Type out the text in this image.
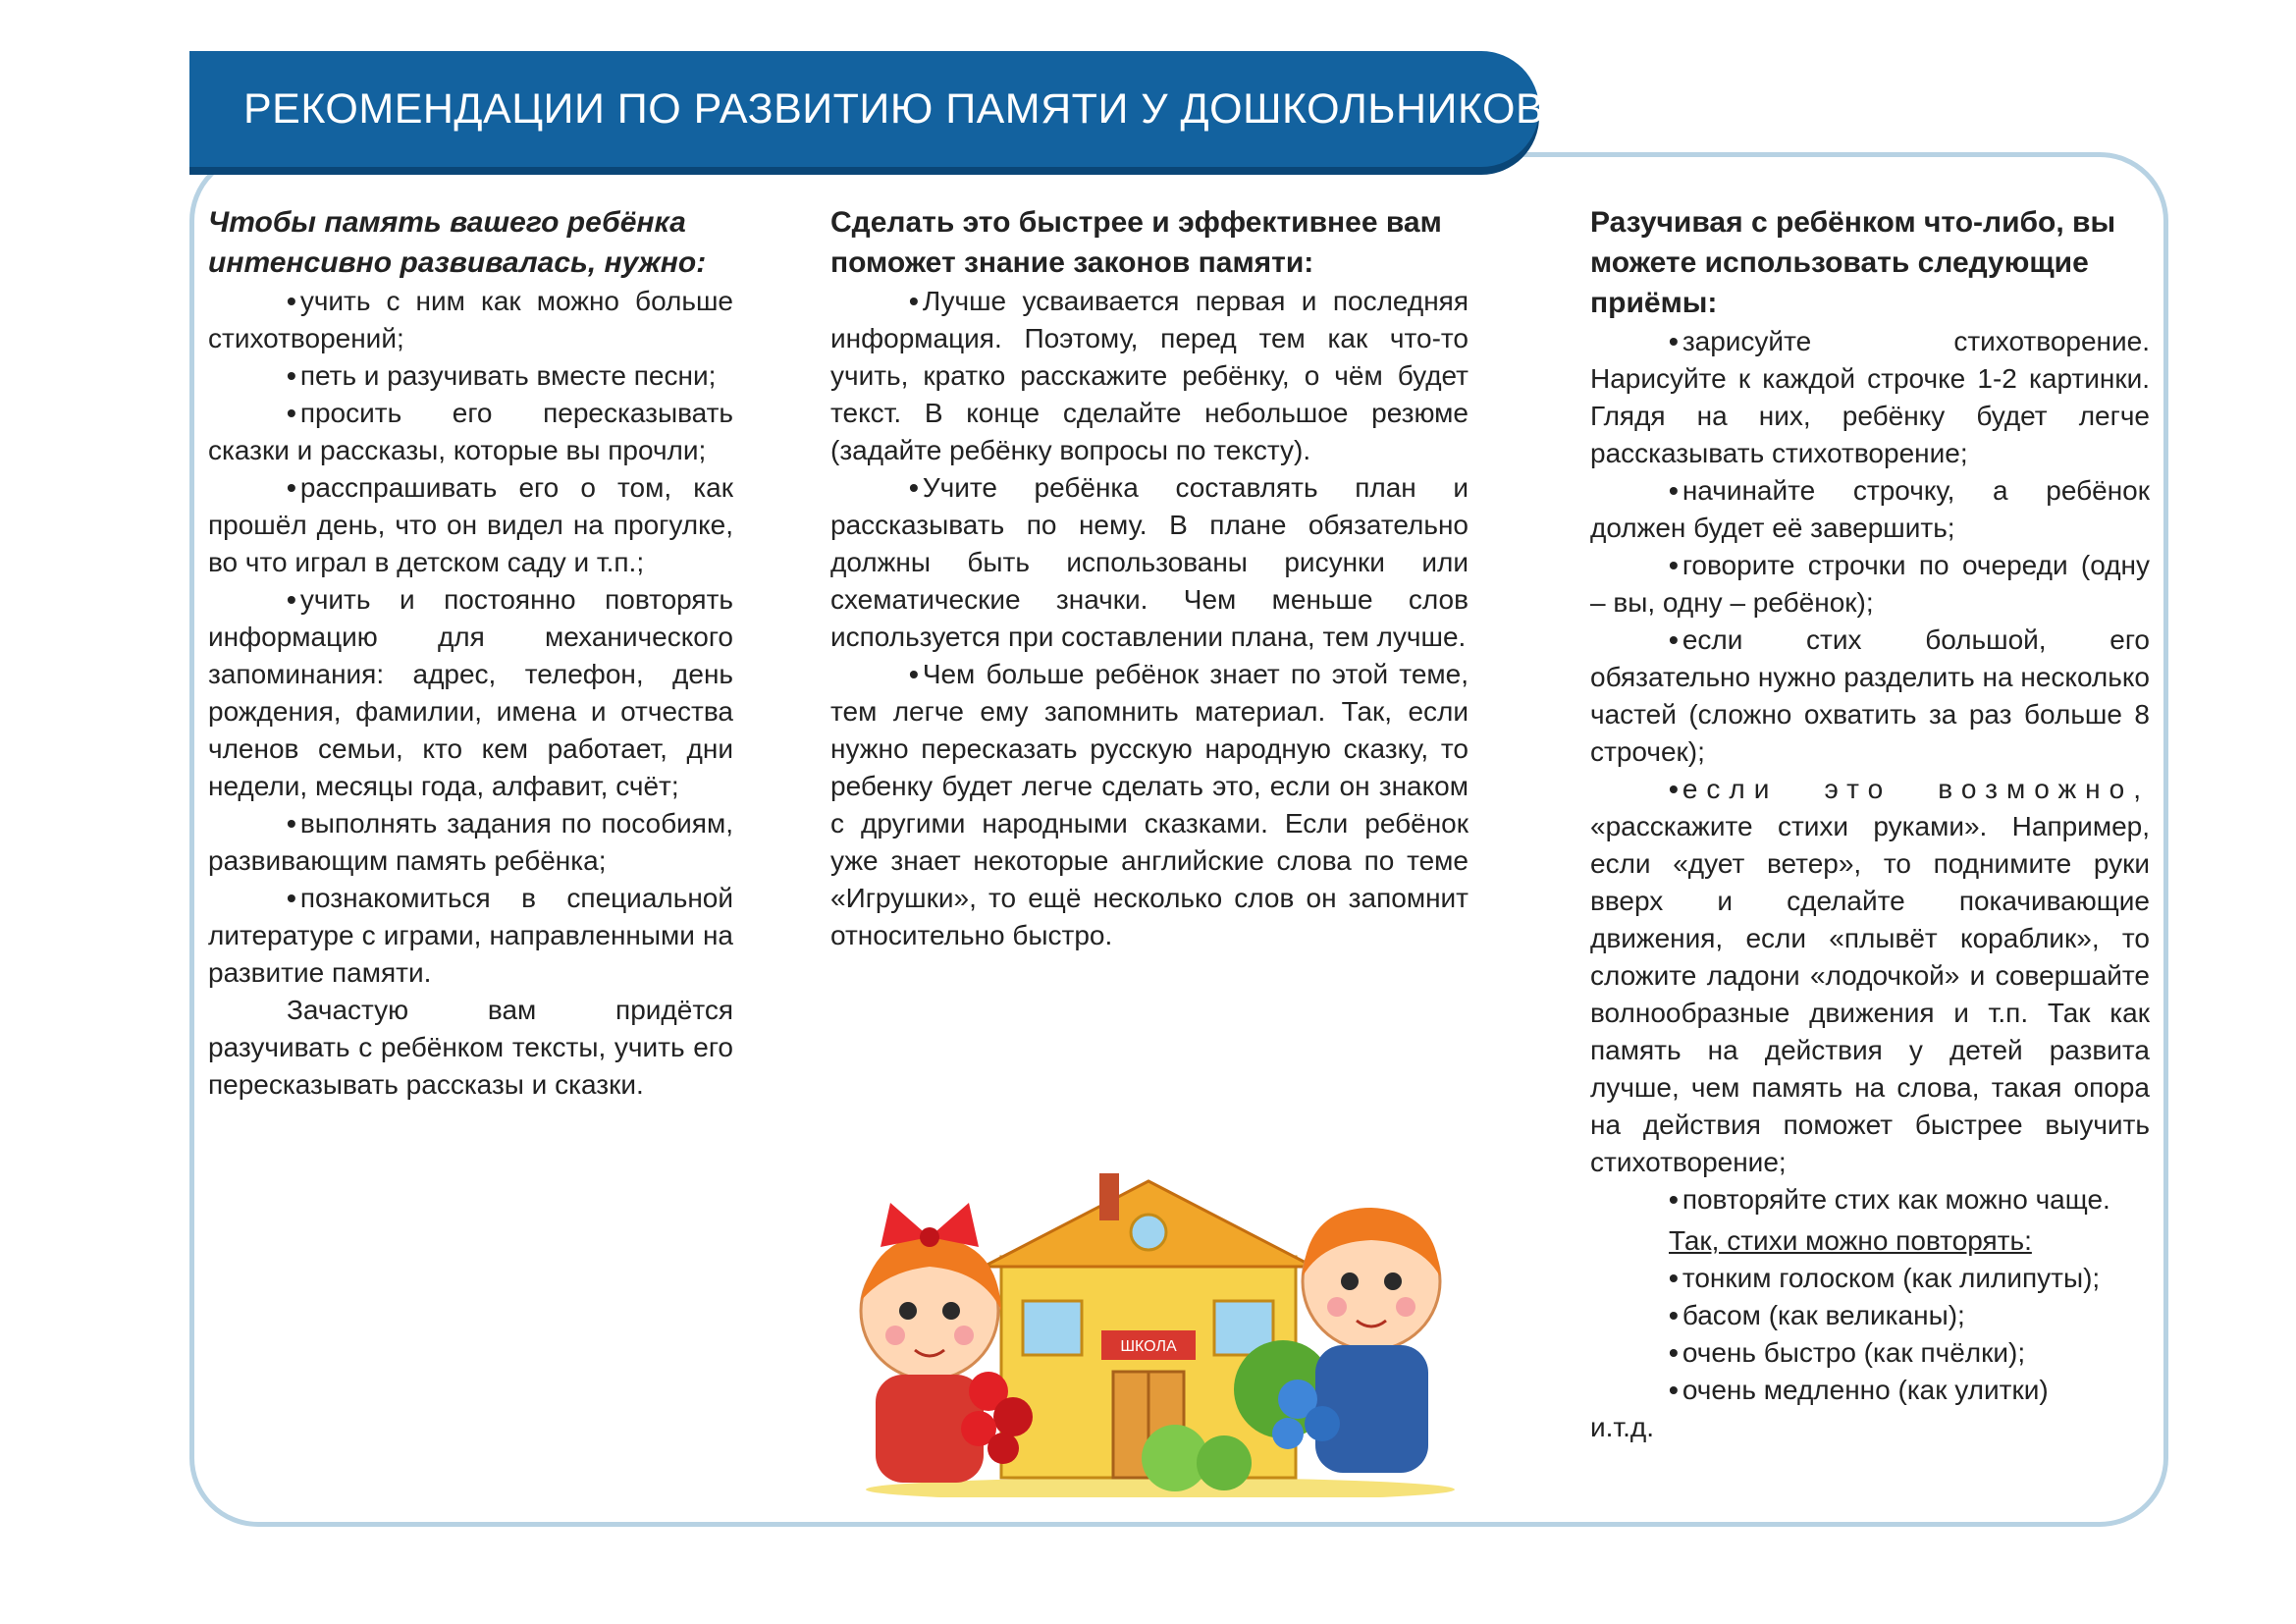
РЕКОМЕНДАЦИИ ПО РАЗВИТИЮ ПАМЯТИ У ДОШКОЛЬНИКОВ

Чтобы память вашего ребёнка интенсивно развивалась, нужно:

• учить с ним как можно больше стихотворений;

• петь и разучивать вместе песни;

• просить его пересказывать сказки и рассказы, которые вы прочли;

• расспрашивать его о том, как прошёл день, что он видел на прогулке, во что играл в детском саду и т.п.;

• учить и постоянно повторять информацию для механического запоминания: адрес, телефон, день рождения, фамилии, имена и отчества членов семьи, кто кем работает, дни недели, месяцы года, алфавит, счёт;

• выполнять задания по пособиям, развивающим память ребёнка;

• познакомиться в специальной литературе с играми, направленными на развитие памяти.

Зачастую вам придётся разучивать с ребёнком тексты, учить его пересказывать рассказы и сказки.

Сделать это быстрее и эффективнее вам поможет знание законов памяти:

• Лучше усваивается первая и последняя информация. Поэтому, перед тем как что-то учить, кратко расскажите ребёнку, о чём будет текст. В конце сделайте небольшое резюме (задайте ребёнку вопросы по тексту).

• Учите ребёнка составлять план и рассказывать по нему. В плане обязательно должны быть использованы рисунки или схематические значки. Чем меньше слов используется при составлении плана, тем лучше.

• Чем больше ребёнок знает по этой теме, тем легче ему запомнить материал. Так, если нужно пересказать русскую народную сказку, то ребенку будет легче сделать это, если он знаком с другими народными сказками. Если ребёнок уже знает некоторые английские слова по теме «Игрушки», то ещё несколько слов он запомнит относительно быстро.

ШКОЛА

Разучивая с ребёнком что-либо, вы можете использовать следующие приёмы:

• зарисуйте стихотворение. Нарисуйте к каждой строчке 1-2 картинки. Глядя на них, ребёнку будет легче рассказывать стихотворение;

• начинайте строчку, а ребёнок должен будет её завершить;

• говорите строчки по очереди (одну – вы, одну – ребёнок);

• если стих большой, его обязательно нужно разделить на несколько частей (сложно охватить за раз больше 8 строчек);

• если это возможно, «расскажите стихи руками». Например, если «дует ветер», то поднимите руки вверх и сделайте покачивающие движения, если «плывёт кораблик», то сложите ладони «лодочкой» и совершайте волнообразные движения и т.п. Так как память на действия у детей развита лучше, чем память на слова, такая опора на действия поможет быстрее выучить стихотворение;

• повторяйте стих как можно чаще.

Так, стихи можно повторять:

• тонким голоском (как лилипуты);

• басом (как великаны);

• очень быстро (как пчёлки);

• очень медленно (как улитки)

и.т.д.
